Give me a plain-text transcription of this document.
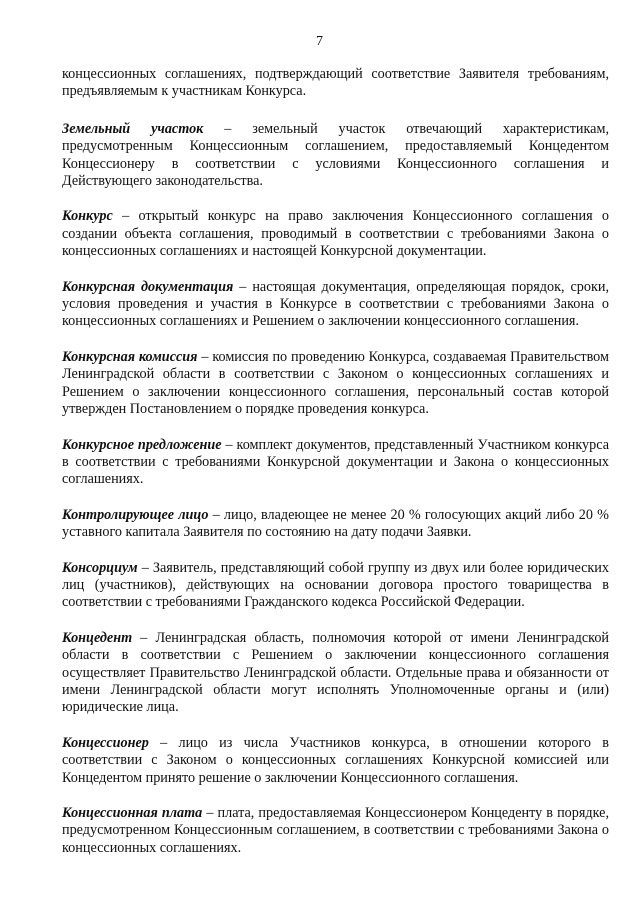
7

концессионных соглашениях, подтверждающий соответствие Заявителя требованиям, предъявляемым к участникам Конкурса.

Земельный участок – земельный участок отвечающий характеристикам, предусмотренным Концессионным соглашением, предоставляемый Концедентом Концессионеру в соответствии с условиями Концессионного соглашения и Действующего законодательства.

Конкурс – открытый конкурс на право заключения Концессионного соглашения о создании объекта соглашения, проводимый в соответствии с требованиями Закона о концессионных соглашениях и настоящей Конкурсной документации.

Конкурсная документация – настоящая документация, определяющая порядок, сроки, условия проведения и участия в Конкурсе в соответствии с требованиями Закона о концессионных соглашениях и Решением о заключении концессионного соглашения.

Конкурсная комиссия – комиссия по проведению Конкурса, создаваемая Правительством Ленинградской области в соответствии с Законом о концессионных соглашениях и Решением о заключении концессионного соглашения, персональный состав которой утвержден Постановлением о порядке проведения конкурса.

Конкурсное предложение – комплект документов, представленный Участником конкурса в соответствии с требованиями Конкурсной документации и Закона о концессионных соглашениях.

Контролирующее лицо – лицо, владеющее не менее 20 % голосующих акций либо 20 % уставного капитала Заявителя по состоянию на дату подачи Заявки.

Консорциум – Заявитель, представляющий собой группу из двух или более юридических лиц (участников), действующих на основании договора простого товарищества в соответствии с требованиями Гражданского кодекса Российской Федерации.

Концедент – Ленинградская область, полномочия которой от имени Ленинградской области в соответствии с Решением о заключении концессионного соглашения осуществляет Правительство Ленинградской области. Отдельные права и обязанности от имени Ленинградской области могут исполнять Уполномоченные органы и (или) юридические лица.

Концессионер – лицо из числа Участников конкурса, в отношении которого в соответствии с Законом о концессионных соглашениях Конкурсной комиссией или Концедентом принято решение о заключении Концессионного соглашения.

Концессионная плата – плата, предоставляемая Концессионером Концеденту в порядке, предусмотренном Концессионным соглашением, в соответствии с требованиями Закона о концессионных соглашениях.
